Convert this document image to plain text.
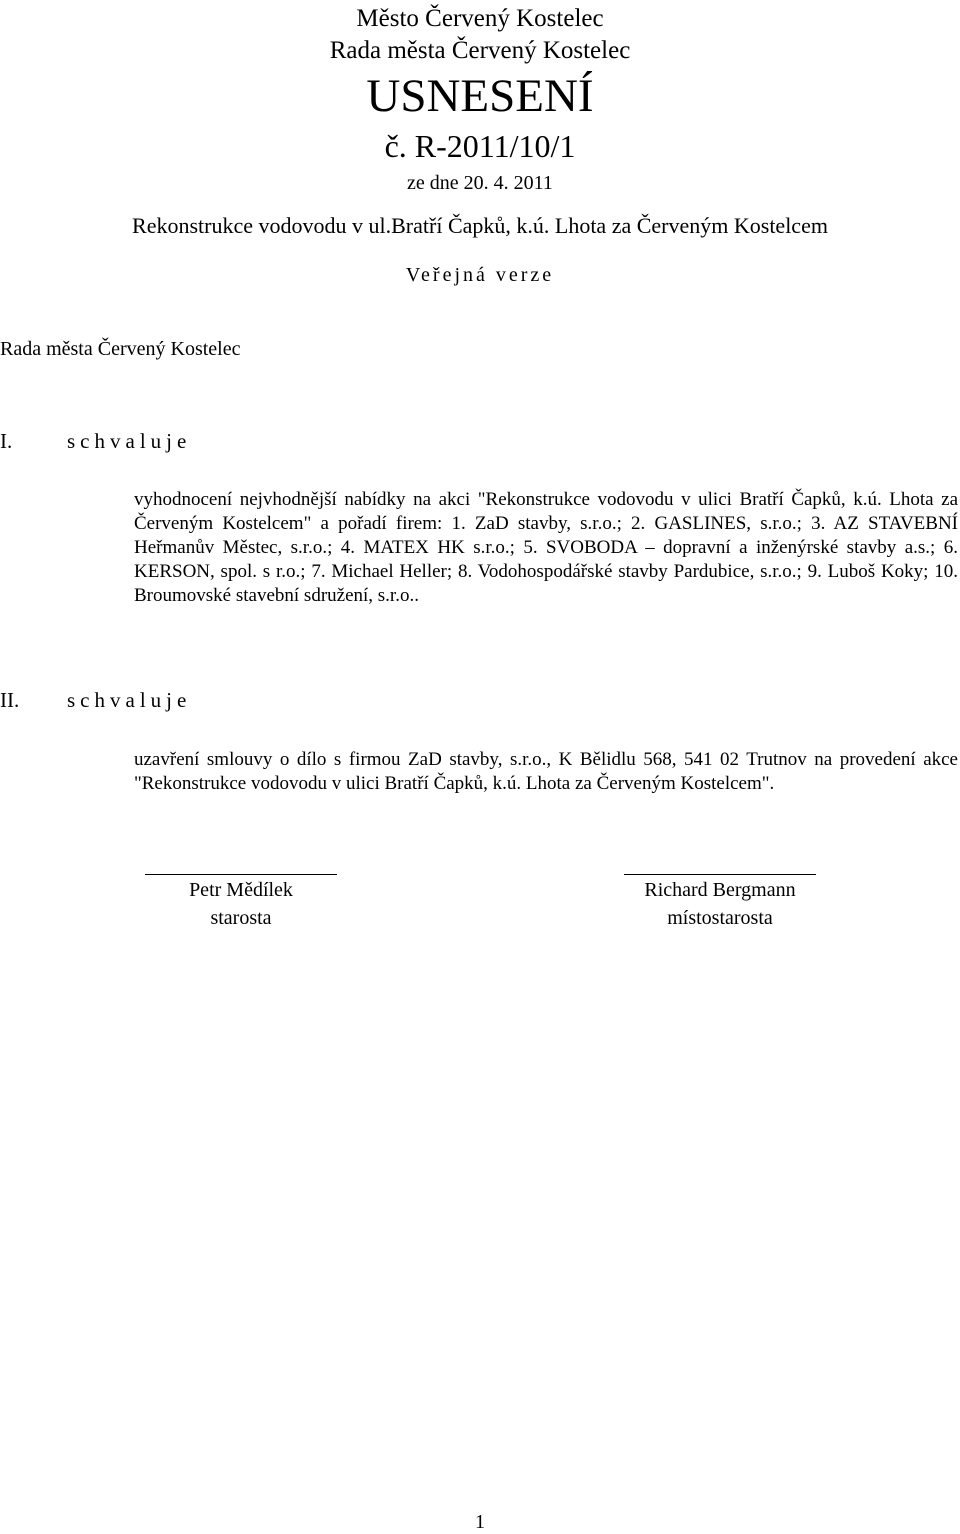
Město Červený Kostelec

Rada města Červený Kostelec

USNESENÍ

č. R-2011/10/1

ze dne 20. 4. 2011

Rekonstrukce vodovodu v ul.Bratří Čapků, k.ú. Lhota za Červeným Kostelcem

Veřejná verze

Rada města Červený Kostelec

I.	schvaluje

vyhodnocení nejvhodnější nabídky na akci "Rekonstrukce vodovodu v ulici Bratří Čapků, k.ú. Lhota za Červeným Kostelcem" a pořadí firem: 1. ZaD stavby, s.r.o.; 2. GASLINES, s.r.o.; 3. AZ STAVEBNÍ Heřmanův Městec, s.r.o.; 4. MATEX HK s.r.o.; 5. SVOBODA – dopravní a inženýrské stavby a.s.; 6. KERSON, spol. s r.o.; 7. Michael Heller; 8. Vodohospodářské stavby Pardubice, s.r.o.; 9. Luboš Koky; 10. Broumovské stavební sdružení, s.r.o..

II. schvaluje

uzavření smlouvy o dílo s firmou ZaD stavby, s.r.o., K Bělidlu 568, 541 02 Trutnov na provedení akce "Rekonstrukce vodovodu v ulici Bratří Čapků, k.ú. Lhota za Červeným Kostelcem".

Petr Mědílek

starosta

Richard Bergmann

místostarosta

1
